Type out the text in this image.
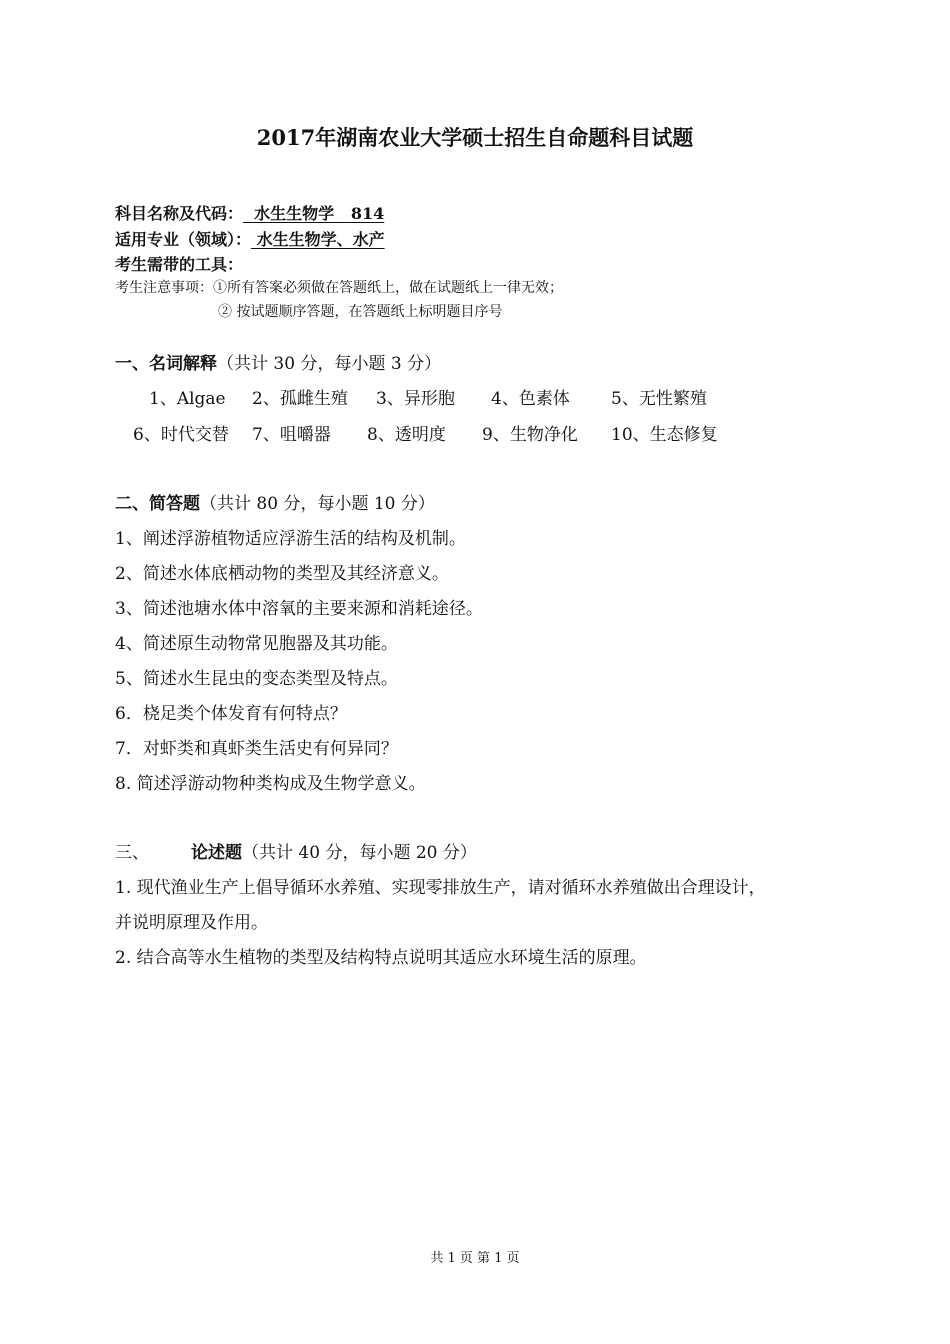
2017年湖南农业大学硕士招生自命题科目试题
科目名称及代码：  水生生物学   814
适用专业（领域）： 水生生物学、水产
考生需带的工具：
考生注意事项：①所有答案必须做在答题纸上，做在试题纸上一律无效；
② 按试题顺序答题，在答题纸上标明题目序号
一、名词解释（共计 30 分，每小题 3 分）
1、Algae 2、孤雌生殖 3、异形胞 4、色素体 5、无性繁殖
6、时代交替 7、咀嚼器 8、透明度 9、生物净化 10、生态修复
二、简答题（共计 80 分，每小题 10 分）
1、阐述浮游植物适应浮游生活的结构及机制。
2、简述水体底栖动物的类型及其经济意义。
3、简述池塘水体中溶氧的主要来源和消耗途径。
4、简述原生动物常见胞器及其功能。
5、简述水生昆虫的变态类型及特点。
6．桡足类个体发育有何特点？
7．对虾类和真虾类生活史有何异同？
8. 简述浮游动物种类构成及生物学意义。
三、 论述题（共计 40 分，每小题 20 分）
1. 现代渔业生产上倡导循环水养殖、实现零排放生产，请对循环水养殖做出合理设计，
并说明原理及作用。
2. 结合高等水生植物的类型及结构特点说明其适应水环境生活的原理。
共 1 页 第 1 页
